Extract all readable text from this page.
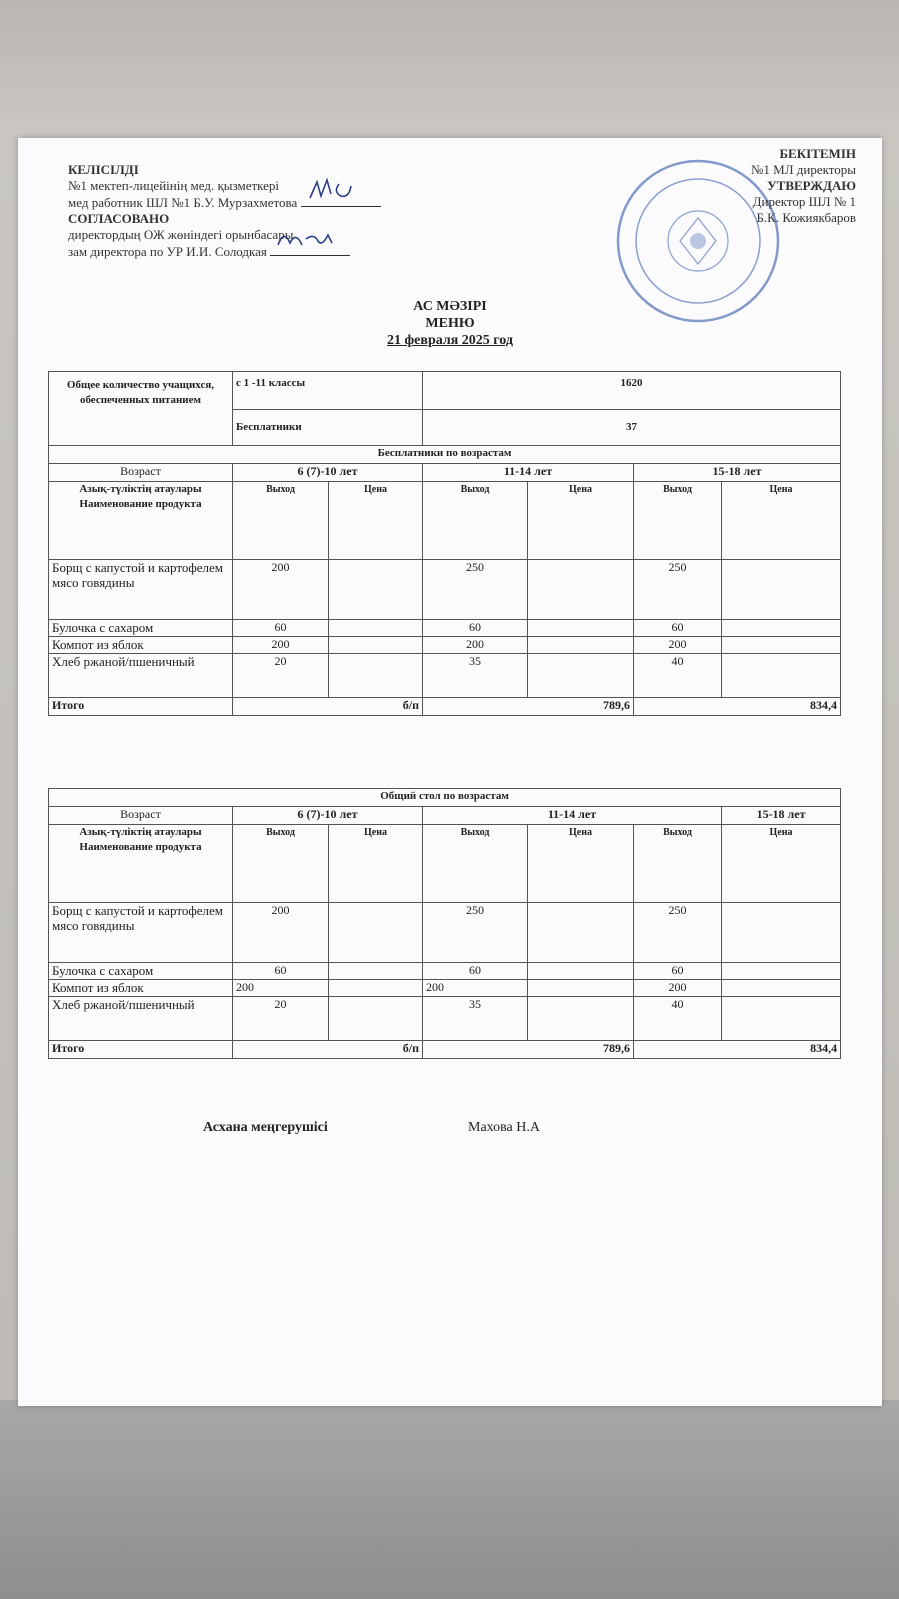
КЕЛІСІЛДІ
№1 мектеп-лицейінің мед. қызметкері
мед работник ШЛ №1 Б.У. Мурзахметова
СОГЛАСОВАНО
директордың ОЖ жөніндегі орынбасары
зам директора по УР И.И. Солодкая
БЕКІТЕМІН
№1 МЛ директоры
УТВЕРЖДАЮ
Директор ШЛ № 1
Б.К. Кожиякбаров
АС МӘЗІРІ
МЕНЮ
21 февраля 2025 год
Общее количество учащихся, обеспеченных питанием	с 1 -11 классы		1620			
	Бесплатники		37			
Бесплатники по возрастам						
Возраст	6 (7)-10 лет		11-14 лет		15-18 лет	
Азық-түліктің атаулары Наименование продукта	Выход	Цена	Выход	Цена	Выход	Цена
Борщ с капустой и картофелем мясо говядины	200		250		250	
Булочка с сахаром	60		60		60	
Компот из яблок	200		200		200	
Хлеб ржаной/пшеничный	20		35		40	
Итого	б/п		789,6		834,4	
Общий стол по возрастам						
Возраст	6 (7)-10 лет		11-14 лет			15-18 лет
Азық-түліктің атаулары Наименование продукта	Выход	Цена	Выход	Цена	Выход	Цена
Борщ с капустой и картофелем мясо говядины	200		250		250	
Булочка с сахаром	60		60		60	
Компот из яблок	200		200		200	
Хлеб ржаной/пшеничный	20		35		40	
Итого	б/п		789,6		834,4	
Асхана меңгерушісі	Махова Н.А
